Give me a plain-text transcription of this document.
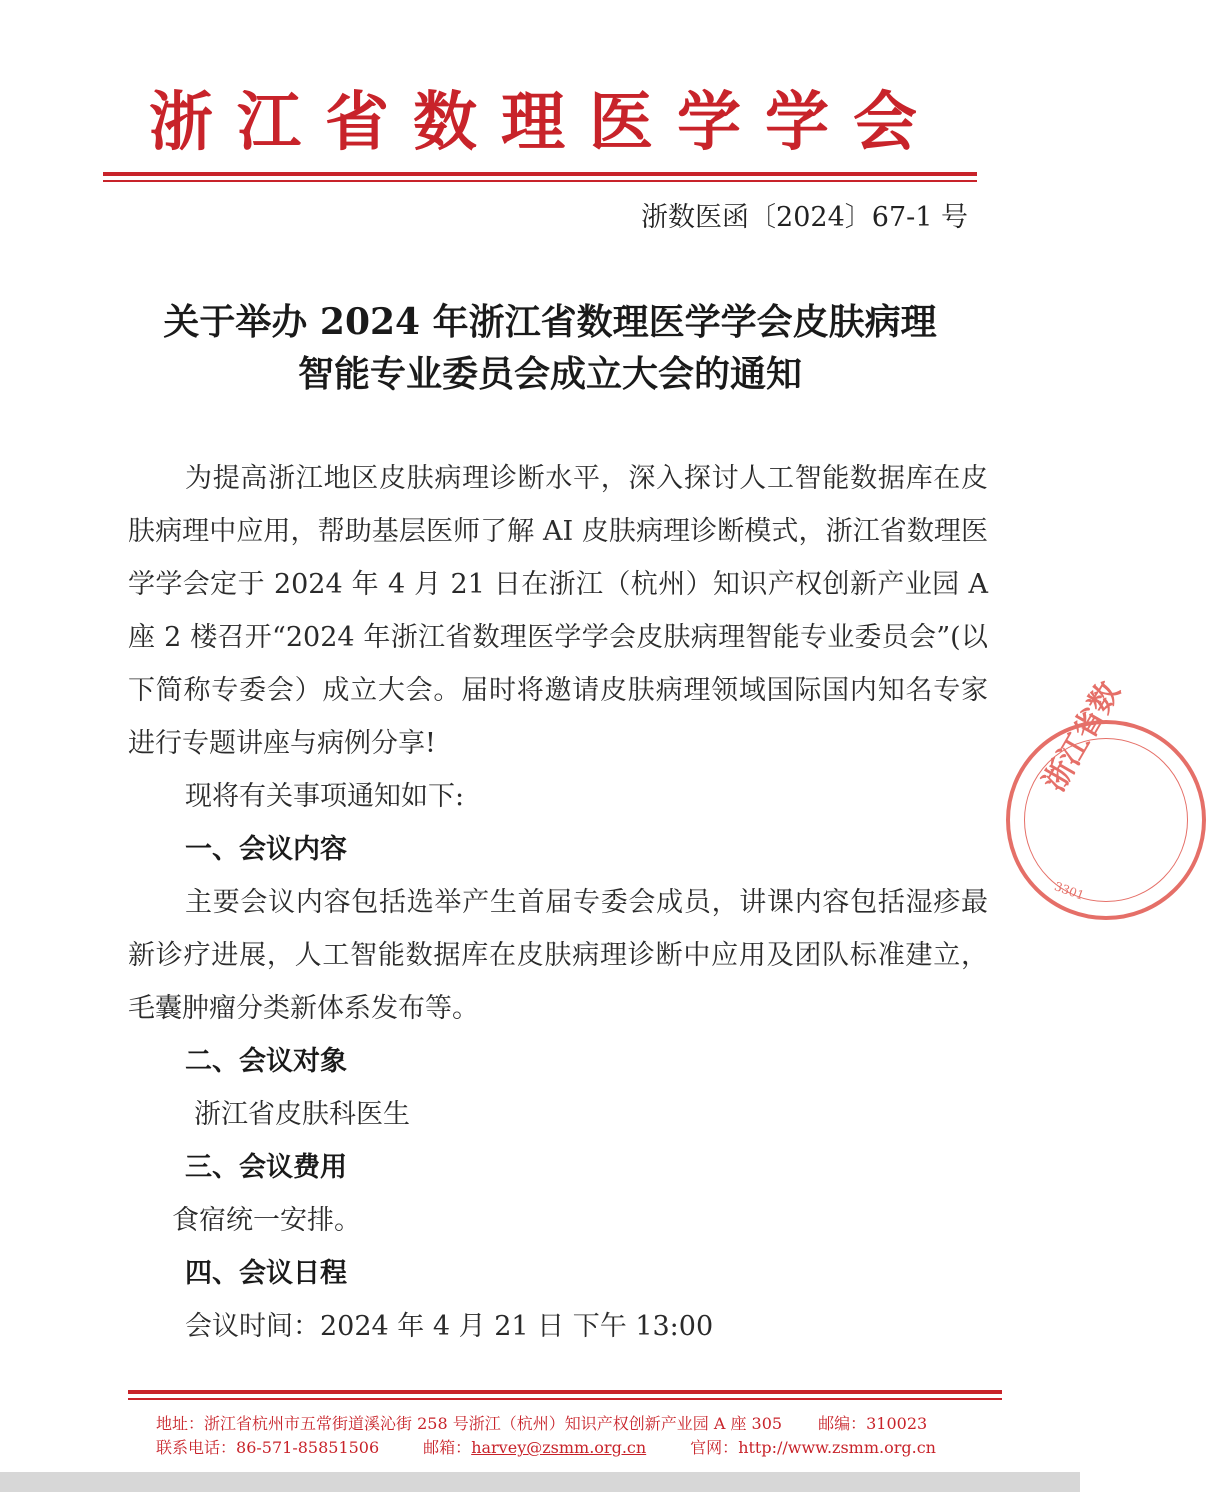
浙江省数理医学学会
浙数医函〔2024〕67-1 号
关于举办 2024 年浙江省数理医学学会皮肤病理
智能专业委员会成立大会的通知

为提高浙江地区皮肤病理诊断水平，深入探讨人工智能数据库在皮肤病理中应用，帮助基层医师了解 AI 皮肤病理诊断模式，浙江省数理医学学会定于 2024 年 4 月 21 日在浙江（杭州）知识产权创新产业园 A 座 2 楼召开“2024 年浙江省数理医学学会皮肤病理智能专业委员会”(以下简称专委会）成立大会。届时将邀请皮肤病理领域国际国内知名专家进行专题讲座与病例分享!

现将有关事项通知如下:

一、会议内容

主要会议内容包括选举产生首届专委会成员，讲课内容包括湿疹最新诊疗进展，人工智能数据库在皮肤病理诊断中应用及团队标准建立，毛囊肿瘤分类新体系发布等。

二、会议对象

浙江省皮肤科医生

三、会议费用

食宿统一安排。

四、会议日程

会议时间：2024 年 4 月 21 日 下午 13:00

浙江省数
3301
地址：浙江省杭州市五常街道溪沁街 258 号浙江（杭州）知识产权创新产业园 A 座 305 邮编：310023
联系电话：86-571-85851506	邮箱：harvey@zsmm.org.cn	官网：http://www.zsmm.org.cn
